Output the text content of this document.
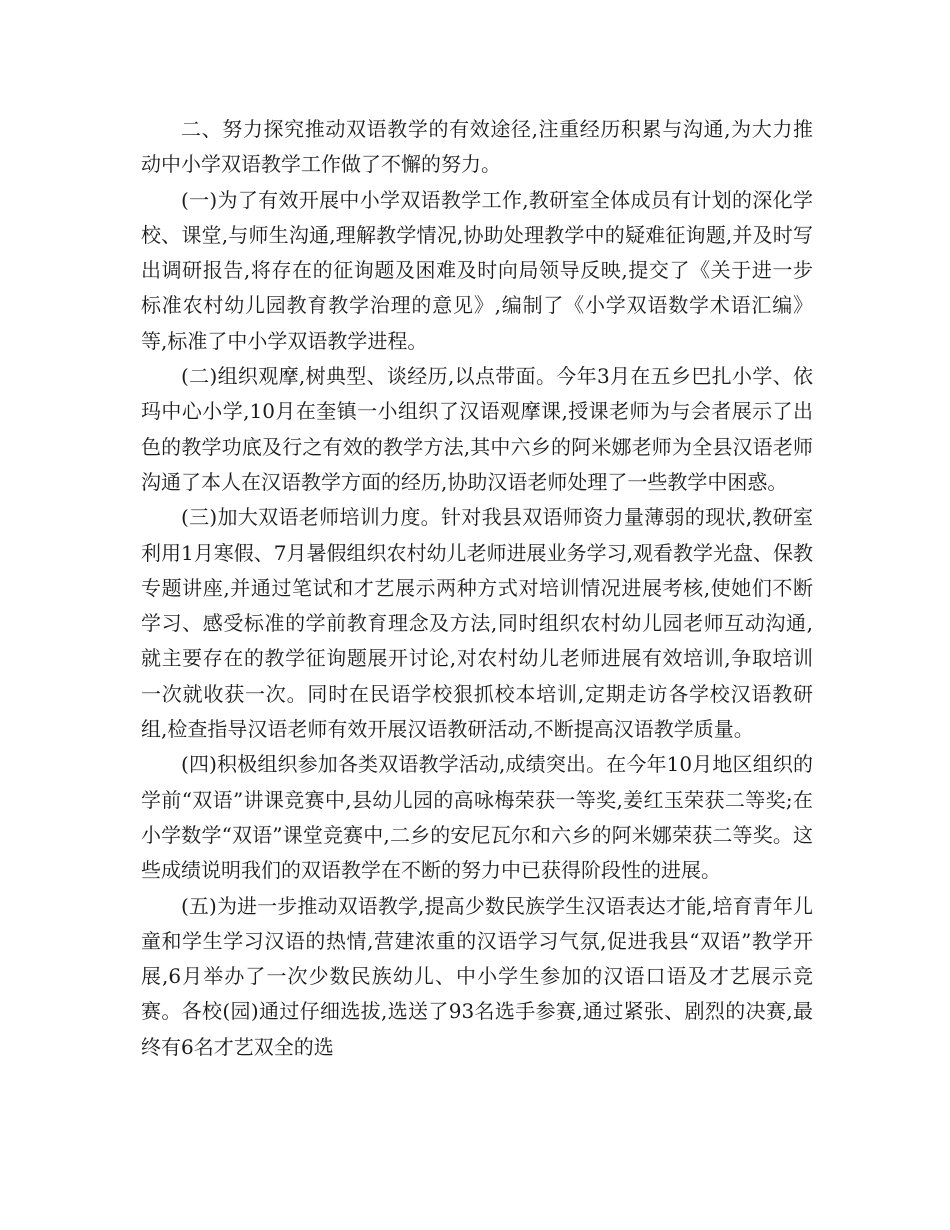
二、努力探究推动双语教学的有效途径,注重经历积累与沟通,为大力推动中小学双语教学工作做了不懈的努力。

(一)为了有效开展中小学双语教学工作,教研室全体成员有计划的深化学校、课堂,与师生沟通,理解教学情况,协助处理教学中的疑难征询题,并及时写出调研报告,将存在的征询题及困难及时向局领导反映,提交了《关于进一步标准农村幼儿园教育教学治理的意见》,编制了《小学双语数学术语汇编》等,标准了中小学双语教学进程。

(二)组织观摩,树典型、谈经历,以点带面。今年3月在五乡巴扎小学、依玛中心小学,10月在奎镇一小组织了汉语观摩课,授课老师为与会者展示了出色的教学功底及行之有效的教学方法,其中六乡的阿米娜老师为全县汉语老师沟通了本人在汉语教学方面的经历,协助汉语老师处理了一些教学中困惑。

(三)加大双语老师培训力度。针对我县双语师资力量薄弱的现状,教研室利用1月寒假、7月暑假组织农村幼儿老师进展业务学习,观看教学光盘、保教专题讲座,并通过笔试和才艺展示两种方式对培训情况进展考核,使她们不断学习、感受标准的学前教育理念及方法,同时组织农村幼儿园老师互动沟通,就主要存在的教学征询题展开讨论,对农村幼儿老师进展有效培训,争取培训一次就收获一次。同时在民语学校狠抓校本培训,定期走访各学校汉语教研组,检查指导汉语老师有效开展汉语教研活动,不断提高汉语教学质量。

(四)积极组织参加各类双语教学活动,成绩突出。在今年10月地区组织的学前“双语”讲课竞赛中,县幼儿园的高咏梅荣获一等奖,姜红玉荣获二等奖;在小学数学“双语”课堂竞赛中,二乡的安尼瓦尔和六乡的阿米娜荣获二等奖。这些成绩说明我们的双语教学在不断的努力中已获得阶段性的进展。

(五)为进一步推动双语教学,提高少数民族学生汉语表达才能,培育青年儿童和学生学习汉语的热情,营建浓重的汉语学习气氛,促进我县“双语”教学开展,6月举办了一次少数民族幼儿、中小学生参加的汉语口语及才艺展示竞赛。各校(园)通过仔细选拔,选送了93名选手参赛,通过紧张、剧烈的决赛,最终有6名才艺双全的选
